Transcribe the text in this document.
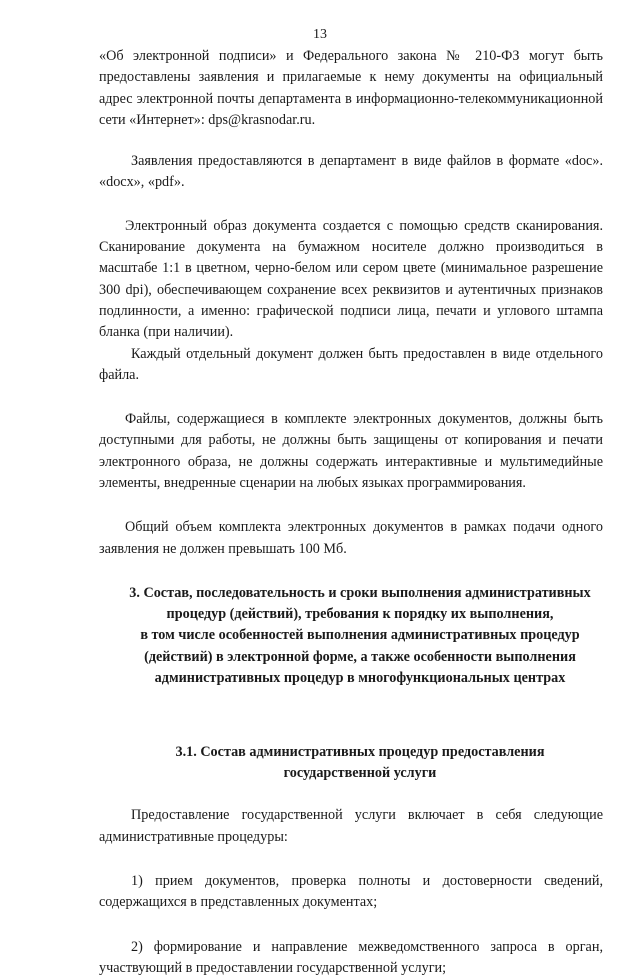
13

«Об электронной подписи» и Федерального закона № 210-ФЗ могут быть предоставлены заявления и прилагаемые к нему документы на официальный адрес электронной почты департамента в информационно-телекоммуникационной сети «Интернет»: dps@krasnodar.ru.

Заявления предоставляются в департамент в виде файлов в формате «doc». «docx», «pdf».

Электронный образ документа создается с помощью средств сканирования. Сканирование документа на бумажном носителе должно производиться в масштабе 1:1 в цветном, черно-белом или сером цвете (минимальное разрешение 300 dpi), обеспечивающем сохранение всех реквизитов и аутентичных признаков подлинности, а именно: графической подписи лица, печати и углового штампа бланка (при наличии).

Каждый отдельный документ должен быть предоставлен в виде отдельного файла.

Файлы, содержащиеся в комплекте электронных документов, должны быть доступными для работы, не должны быть защищены от копирования и печати электронного образа, не должны содержать интерактивные и мультимедийные элементы, внедренные сценарии на любых языках программирования.

Общий объем комплекта электронных документов в рамках подачи одного заявления не должен превышать 100 Мб.

3. Состав, последовательность и сроки выполнения административных
процедур (действий), требования к порядку их выполнения,
в том числе особенностей выполнения административных процедур
(действий) в электронной форме, а также особенности выполнения
административных процедур в многофункциональных центрах
3.1. Состав административных процедур предоставления
государственной услуги

Предоставление государственной услуги включает в себя следующие административные процедуры:

1) прием документов, проверка полноты и достоверности сведений, содержащихся в представленных документах;

2) формирование и направление межведомственного запроса в орган, участвующий в предоставлении государственной услуги;
